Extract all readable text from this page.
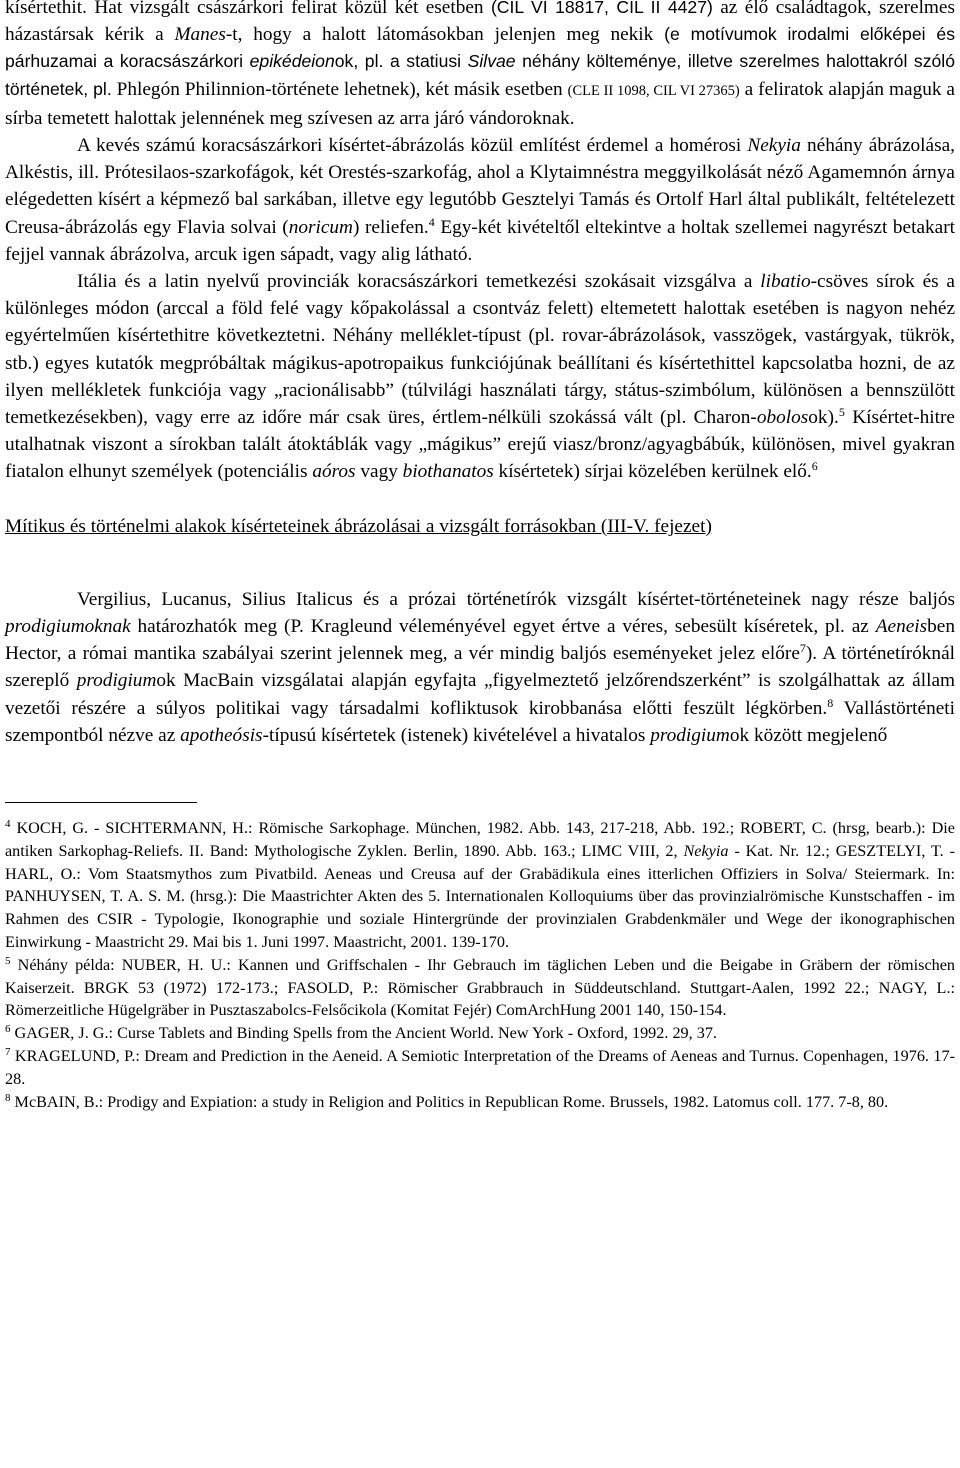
kísértethit. Hat vizsgált császárkori felirat közül két esetben (CIL VI 18817, CIL II 4427) az élő családtagok, szerelmes házastársak kérik a Manes-t, hogy a halott látomásokban jelenjen meg nekik (e motívumok irodalmi előképei és párhuzamai a koracsászárkori epikédeionok, pl. a statiusi Silvae néhány költeménye, illetve szerelmes halottakról szóló történetek, pl. Phlegón Philinnion-története lehetnek), két másik esetben (CLE II 1098, CIL VI 27365) a feliratok alapján maguk a sírba temetett halottak jelennének meg szívesen az arra járó vándoroknak.

A kevés számú koracsászárkori kísértet-ábrázolás közül említést érdemel a homérosi Nekyia néhány ábrázolása, Alkéstis, ill. Prótesilaos-szarkofágok, két Orestés-szarkofág, ahol a Klytaimnéstra meggyilkolását néző Agamemnón árnya elégedetten kísért a képmező bal sarkában, illetve egy legutóbb Gesztelyi Tamás és Ortolf Harl által publikált, feltételezett Creusa-ábrázolás egy Flavia solvai (noricum) reliefen.$^4$ Egy-két kivételtől eltekintve a holtak szellemei nagyrészt betakart fejjel vannak ábrázolva, arcuk igen sápadt, vagy alig látható.

Itália és a latin nyelvű provinciák koracsászárkori temetkezési szokásait vizsgálva a libatio-csöves sírok és a különleges módon (arccal a föld felé vagy kőpakolással a csontváz felett) eltemetett halottak esetében is nagyon nehéz egyértelműen kísértethitre következtetni. Néhány melléklet-típust (pl. rovar-ábrázolások, vasszögek, vastárgyak, tükrök, stb.) egyes kutatók megpróbáltak mágikus-apotropaikus funkciójúnak beállítani és kísértethittel kapcsolatba hozni, de az ilyen mellékletek funkciója vagy „racionálisabb” (túlvilági használati tárgy, státus-szimbólum, különösen a bennszülött temetkezésekben), vagy erre az időre már csak üres, értlem-nélküli szokássá vált (pl. Charon-obolosok).$^5$ Kísértet-hitre utalhatnak viszont a sírokban talált átoktáblák vagy „mágikus” erejű viasz/bronz/agyagbábúk, különösen, mivel gyakran fiatalon elhunyt személyek (potenciális aóros vagy biothanatos kísértetek) sírjai közelében kerülnek elő.$^6$

Mítikus és történelmi alakok kísérteteinek ábrázolásai a vizsgált forrásokban (III-V. fejezet)

Vergilius, Lucanus, Silius Italicus és a prózai történetírók vizsgált kísértet-történeteinek nagy része baljós prodigiumoknak határozhatók meg (P. Kragleund véleményével egyet értve a véres, sebesült kíséretek, pl. az Aeneisben Hector, a római mantika szabályai szerint jelennek meg, a vér mindig baljós eseményeket jelez előre$^7$). A történetíróknál szereplő prodigiumok MacBain vizsgálatai alapján egyfajta „figyelmeztető jelzőrendszerként” is szolgálhattak az állam vezetői részére a súlyos politikai vagy társadalmi kofliktusok kirobbanása előtti feszült légkörben.$^8$ Vallástörténeti szempontból nézve az apotheósis-típusú kísértetek (istenek) kivételével a hivatalos prodigiumok között megjelenő

$^4$ KOCH, G. - SICHTERMANN, H.: Römische Sarkophage. München, 1982. Abb. 143, 217-218, Abb. 192.; ROBERT, C. (hrsg, bearb.): Die antiken Sarkophag-Reliefs. II. Band: Mythologische Zyklen. Berlin, 1890. Abb. 163.; LIMC VIII, 2, Nekyia - Kat. Nr. 12.; GESZTELYI, T. - HARL, O.: Vom Staatsmythos zum Pivatbild. Aeneas und Creusa auf der Grabädikula eines itterlichen Offiziers in Solva/ Steiermark. In: PANHUYSEN, T. A. S. M. (hrsg.): Die Maastrichter Akten des 5. Internationalen Kolloquiums über das provinzialrömische Kunstschaffen - im Rahmen des CSIR - Typologie, Ikonographie und soziale Hintergründe der provinzialen Grabdenkmäler und Wege der ikonographischen Einwirkung - Maastricht 29. Mai bis 1. Juni 1997. Maastricht, 2001. 139-170.

$^5$ Néhány példa: NUBER, H. U.: Kannen und Griffschalen - Ihr Gebrauch im täglichen Leben und die Beigabe in Gräbern der römischen Kaiserzeit. BRGK 53 (1972) 172-173.; FASOLD, P.: Römischer Grabbrauch in Süddeutschland. Stuttgart-Aalen, 1992 22.; NAGY, L.: Römerzeitliche Hügelgräber in Pusztaszabolcs-Felsőcikola (Komitat Fejér) ComArchHung 2001 140, 150-154.

$^6$ GAGER, J. G.: Curse Tablets and Binding Spells from the Ancient World. New York - Oxford, 1992. 29, 37.

$^7$ KRAGELUND, P.: Dream and Prediction in the Aeneid. A Semiotic Interpretation of the Dreams of Aeneas and Turnus. Copenhagen, 1976. 17-28.

$^8$ McBAIN, B.: Prodigy and Expiation: a study in Religion and Politics in Republican Rome. Brussels, 1982. Latomus coll. 177. 7-8, 80.
